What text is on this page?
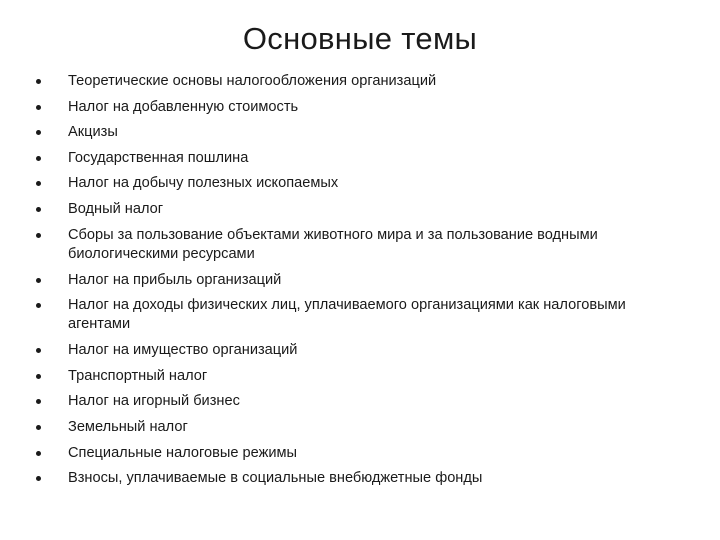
Основные темы
Теоретические основы налогообложения организаций
Налог на добавленную стоимость
Акцизы
Государственная пошлина
Налог на добычу полезных ископаемых
Водный налог
Сборы за пользование объектами животного мира и за пользование водными биологическими ресурсами
Налог на прибыль организаций
Налог на доходы физических лиц, уплачиваемого организациями как налоговыми агентами
Налог на имущество организаций
Транспортный налог
Налог на игорный бизнес
Земельный налог
Специальные налоговые режимы
Взносы, уплачиваемые в социальные внебюджетные фонды
